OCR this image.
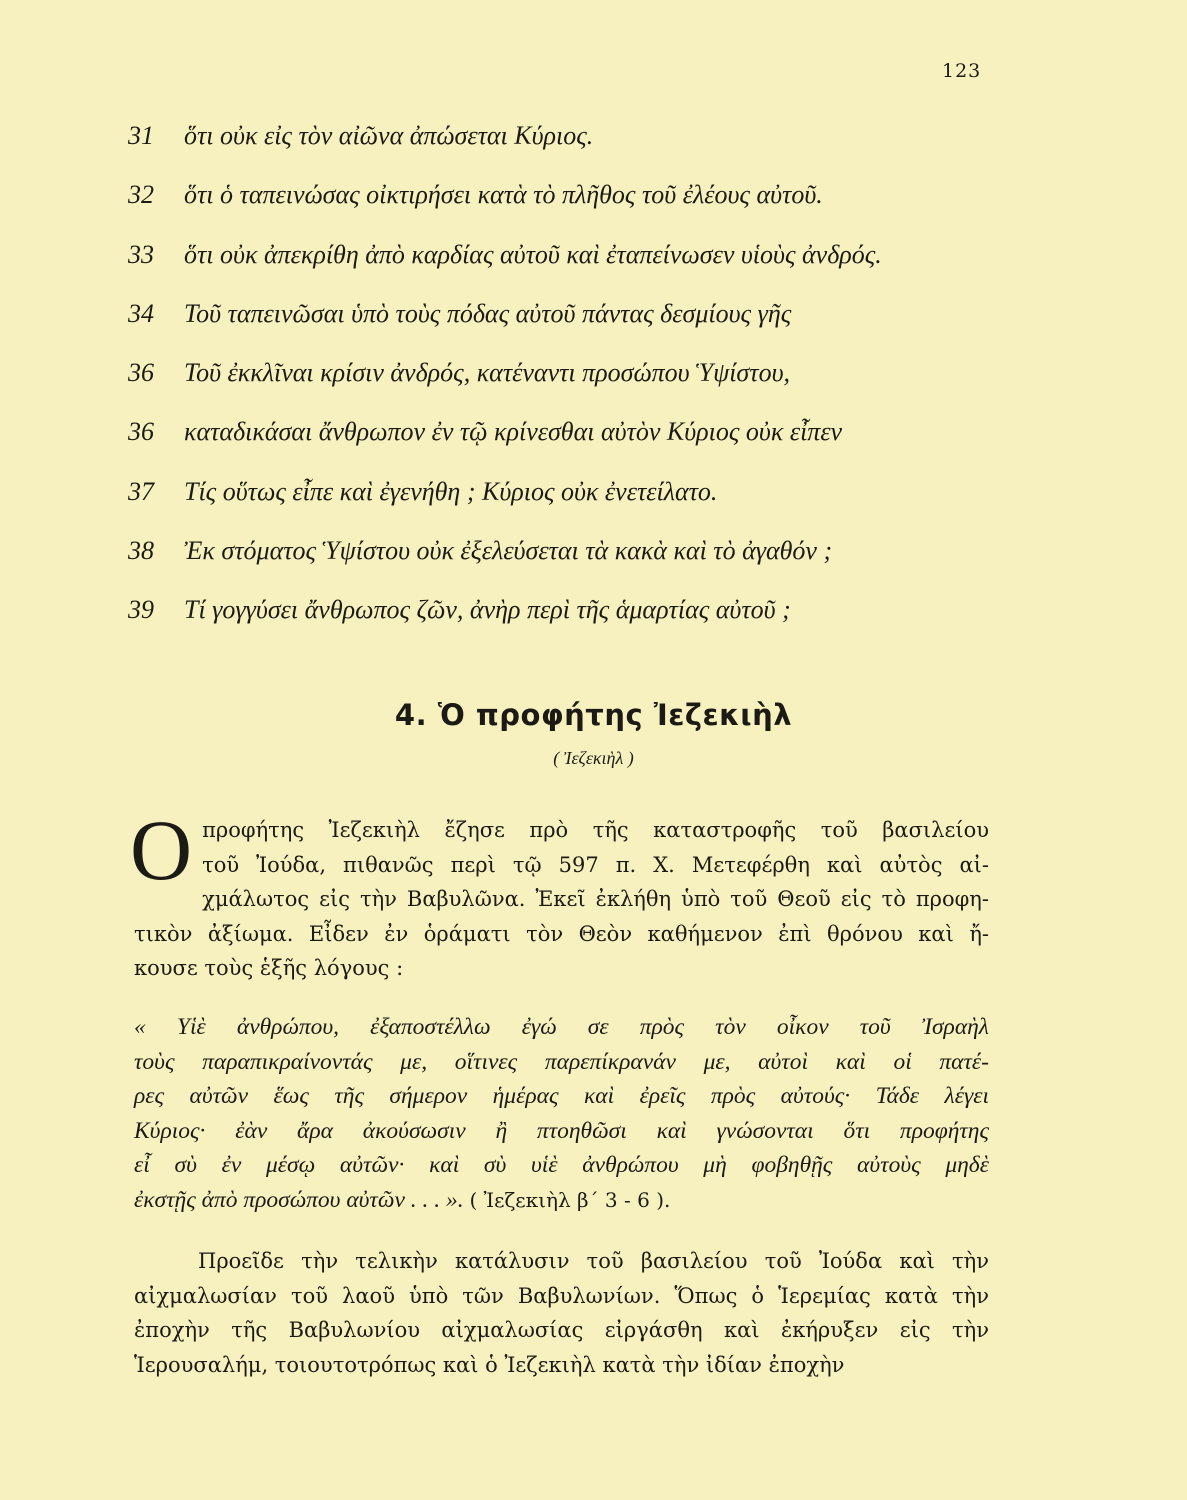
123
31 ὅτι οὐκ εἰς τὸν αἰῶνα ἀπώσεται Κύριος.
32 ὅτι ὁ ταπεινώσας οἰκτιρήσει κατὰ τὸ πλῆθος τοῦ ἐλέους αὐτοῦ.
33 ὅτι οὐκ ἀπεκρίθη ἀπὸ καρδίας αὐτοῦ καὶ ἐταπείνωσεν υἱοὺς ἀνδρός.
34 Τοῦ ταπεινῶσαι ὑπὸ τοὺς πόδας αὐτοῦ πάντας δεσμίους γῆς
36 Τοῦ ἐκκλῖναι κρίσιν ἀνδρός, κατέναντι προσώπου Ὑψίστου,
36 καταδικάσαι ἄνθρωπον ἐν τῷ κρίνεσθαι αὐτὸν Κύριος οὐκ εἶπεν
37 Τίς οὕτως εἶπε καὶ ἐγενήθη ; Κύριος οὐκ ἐνετείλατο.
38 Ἐκ στόματος Ὑψίστου οὐκ ἐξελεύσεται τὰ κακὰ καὶ τὸ ἀγαθόν ;
39 Τί γογγύσει ἄνθρωπος ζῶν, ἀνὴρ περὶ τῆς ἁμαρτίας αὐτοῦ ;
4. Ὁ προφήτης Ἰεζεκιὴλ
( Ἰεζεκιὴλ )
Ο προφήτης Ἰεζεκιὴλ ἔζησε πρὸ τῆς καταστροφῆς τοῦ βασιλείου
τοῦ Ἰούδα, πιθανῶς περὶ τῷ 597 π. Χ. Μετεφέρθη καὶ αὐτὸς αἰ-
χμάλωτος εἰς τὴν Βαβυλῶνα. Ἐκεῖ ἐκλήθη ὑπὸ τοῦ Θεοῦ εἰς τὸ προφη-
τικὸν ἀξίωμα. Εἶδεν ἐν ὁράματι τὸν Θεὸν καθήμενον ἐπὶ θρόνου καὶ ἤ-
κουσε τοὺς ἑξῆς λόγους :
« Υἱὲ ἀνθρώπου, ἐξαποστέλλω ἐγώ σε πρὸς τὸν οἶκον τοῦ Ἰσραὴλ
τοὺς παραπικραίνοντάς με, οἵτινες παρεπίκρανάν με, αὐτοὶ καὶ οἱ πατέ-
ρες αὐτῶν ἕως τῆς σήμερον ἡμέρας καὶ ἐρεῖς πρὸς αὐτούς· Τάδε λέγει
Κύριος· ἐὰν ἄρα ἀκούσωσιν ἢ πτοηθῶσι καὶ γνώσονται ὅτι προφήτης
εἶ σὺ ἐν μέσῳ αὐτῶν· καὶ σὺ υἱὲ ἀνθρώπου μὴ φοβηθῇς αὐτοὺς μηδὲ
ἐκστῇς ἀπὸ προσώπου αὐτῶν . . . ». ( Ἰεζεκιὴλ β΄ 3 - 6 ).
Προεῖδε τὴν τελικὴν κατάλυσιν τοῦ βασιλείου τοῦ Ἰούδα καὶ τὴν αἰχμαλωσίαν τοῦ λαοῦ ὑπὸ τῶν Βαβυλωνίων. Ὅπως ὁ Ἱερεμίας κατὰ τὴν ἐποχὴν τῆς Βαβυλωνίου αἰχμαλωσίας εἰργάσθη καὶ ἐκήρυξεν εἰς τὴν Ἱερουσαλήμ, τοιουτοτρόπως καὶ ὁ Ἰεζεκιὴλ κατὰ τὴν ἰδίαν ἐποχὴν
